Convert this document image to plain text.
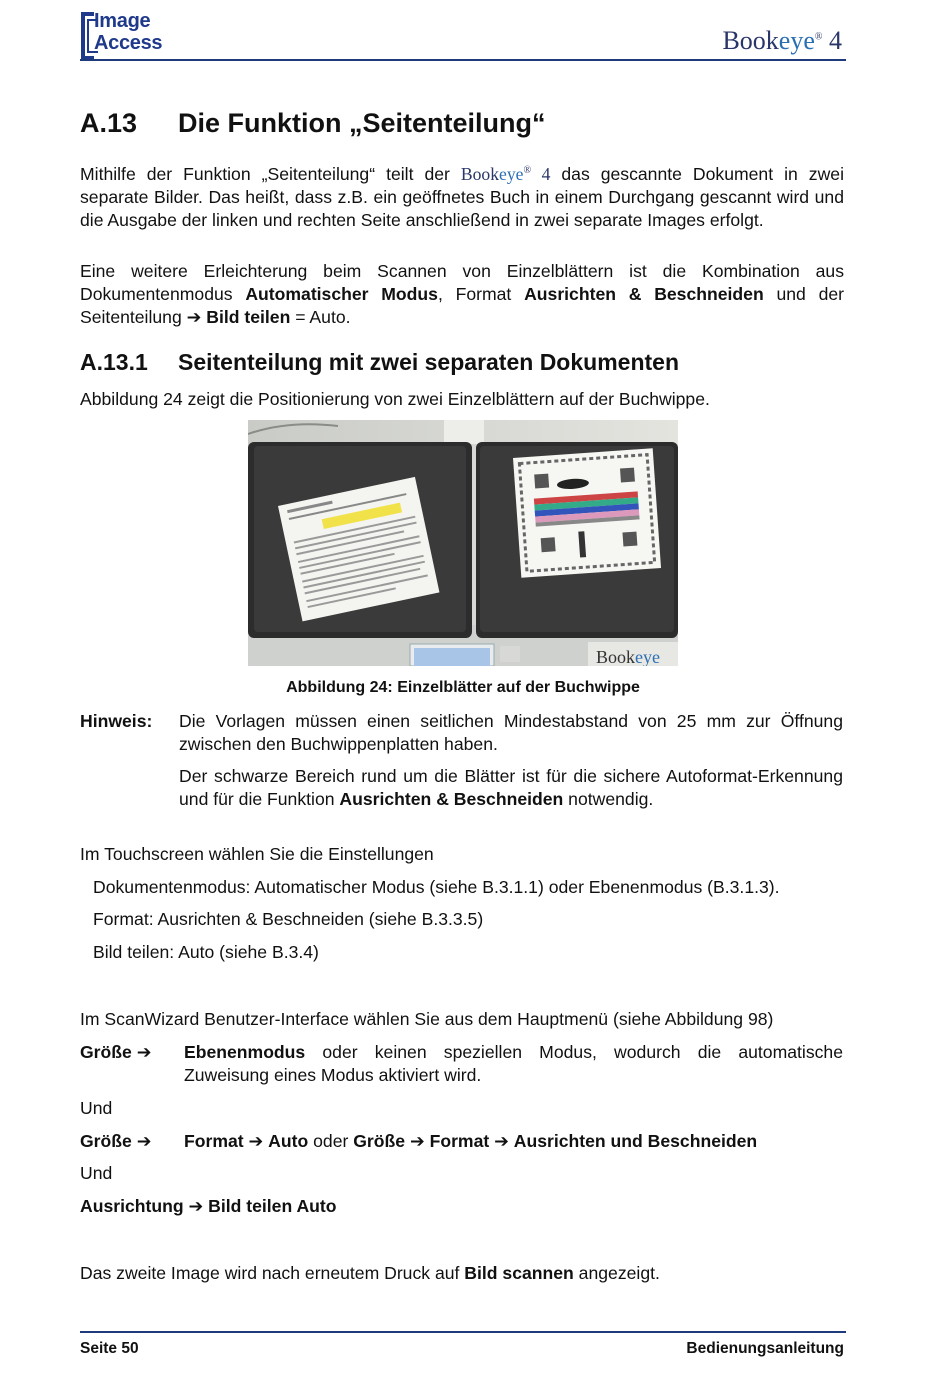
Image
Access	Bookeye® 4
A.13 Die Funktion „Seitenteilung“

Mithilfe der Funktion „Seitenteilung“ teilt der Bookeye® 4 das gescannte Dokument in zwei separate Bilder. Das heißt, dass z.B. ein geöffnetes Buch in einem Durchgang gescannt wird und die Ausgabe der linken und rechten Seite anschließend in zwei separate Images erfolgt.

Eine weitere Erleichterung beim Scannen von Einzelblättern ist die Kombination aus Dokumentenmodus Automatischer Modus, Format Ausrichten & Beschneiden und der Seitenteilung ➔ Bild teilen = Auto.

A.13.1 Seitenteilung mit zwei separaten Dokumenten

Abbildung 24 zeigt die Positionierung von zwei Einzelblättern auf der Buchwippe.

Bookeye
Abbildung 24: Einzelblätter auf der Buchwippe
Hinweis:	Die Vorlagen müssen einen seitlichen Mindestabstand von 25 mm zur Öffnung zwischen den Buchwippenplatten haben.

Der schwarze Bereich rund um die Blätter ist für die sichere Autoformat-Erkennung und für die Funktion Ausrichten & Beschneiden notwendig.

Im Touchscreen wählen Sie die Einstellungen

Dokumentenmodus: Automatischer Modus (siehe B.3.1.1) oder Ebenenmodus (B.3.1.3).

Format: Ausrichten & Beschneiden (siehe B.3.3.5)

Bild teilen: Auto (siehe B.3.4)

Im ScanWizard Benutzer-Interface wählen Sie aus dem Hauptmenü (siehe Abbildung 98)

Größe ➔ Ebenenmodus oder keinen speziellen Modus, wodurch die automatische Zuweisung eines Modus aktiviert wird.

Und

Größe ➔ Format ➔ Auto oder Größe ➔ Format ➔ Ausrichten und Beschneiden

Und

Ausrichtung ➔ Bild teilen Auto

Das zweite Image wird nach erneutem Druck auf Bild scannen angezeigt.

Seite 50	Bedienungsanleitung
